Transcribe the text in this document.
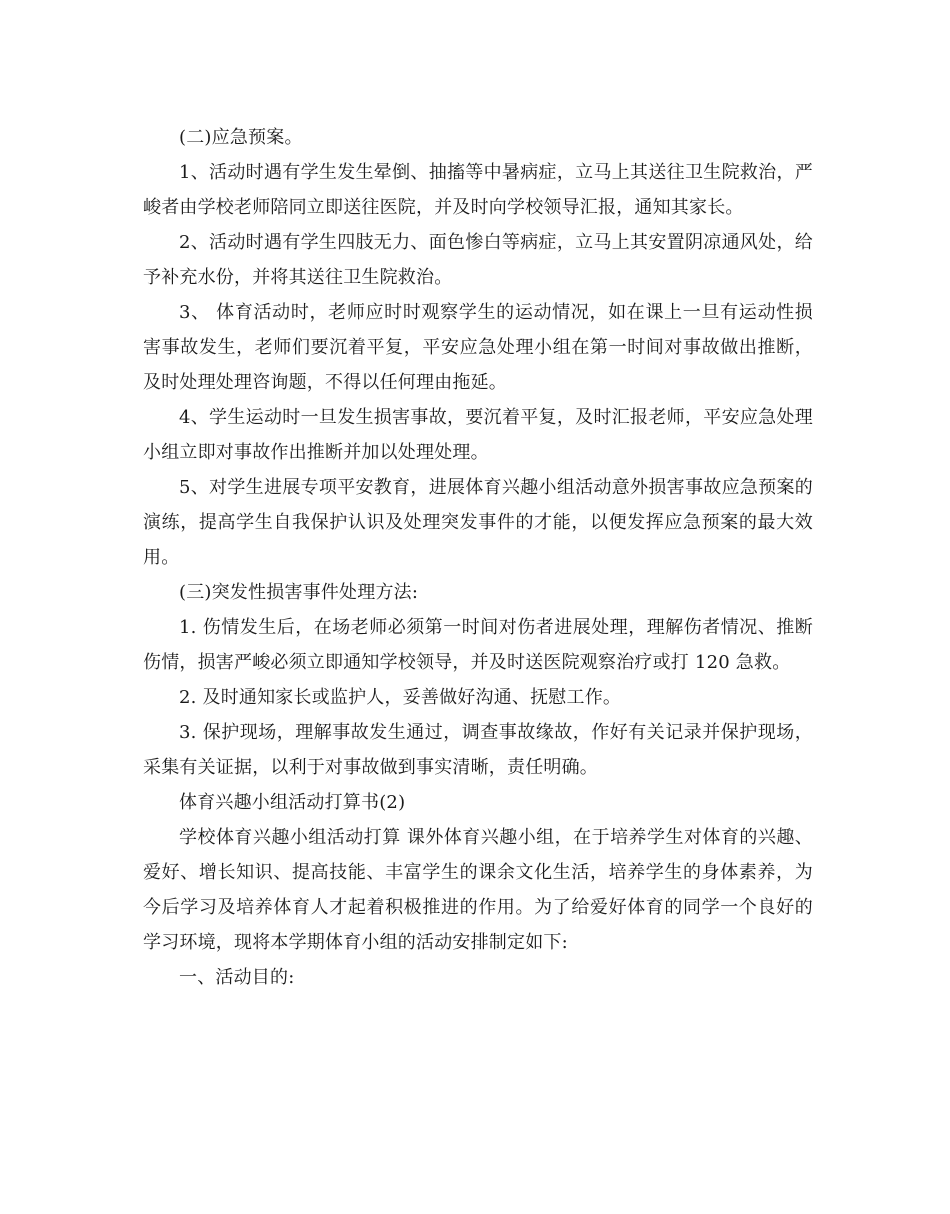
(二)应急预案。

1、活动时遇有学生发生晕倒、抽搐等中暑病症，立马上其送往卫生院救治，严峻者由学校老师陪同立即送往医院，并及时向学校领导汇报，通知其家长。

2、活动时遇有学生四肢无力、面色惨白等病症，立马上其安置阴凉通风处，给予补充水份，并将其送往卫生院救治。

3、 体育活动时，老师应时时观察学生的运动情况，如在课上一旦有运动性损害事故发生，老师们要沉着平复，平安应急处理小组在第一时间对事故做出推断，及时处理处理咨询题，不得以任何理由拖延。

4、学生运动时一旦发生损害事故，要沉着平复，及时汇报老师，平安应急处理小组立即对事故作出推断并加以处理处理。

5、对学生进展专项平安教育，进展体育兴趣小组活动意外损害事故应急预案的演练，提高学生自我保护认识及处理突发事件的才能，以便发挥应急预案的最大效用。

(三)突发性损害事件处理方法:

1. 伤情发生后，在场老师必须第一时间对伤者进展处理，理解伤者情况、推断伤情，损害严峻必须立即通知学校领导，并及时送医院观察治疗或打 120 急救。

2. 及时通知家长或监护人，妥善做好沟通、抚慰工作。

3. 保护现场，理解事故发生通过，调查事故缘故，作好有关记录并保护现场，采集有关证据，以利于对事故做到事实清晰，责任明确。

体育兴趣小组活动打算书(2)

学校体育兴趣小组活动打算 课外体育兴趣小组，在于培养学生对体育的兴趣、爱好、增长知识、提高技能、丰富学生的课余文化生活，培养学生的身体素养，为今后学习及培养体育人才起着积极推进的作用。为了给爱好体育的同学一个良好的学习环境，现将本学期体育小组的活动安排制定如下:

一、活动目的:
